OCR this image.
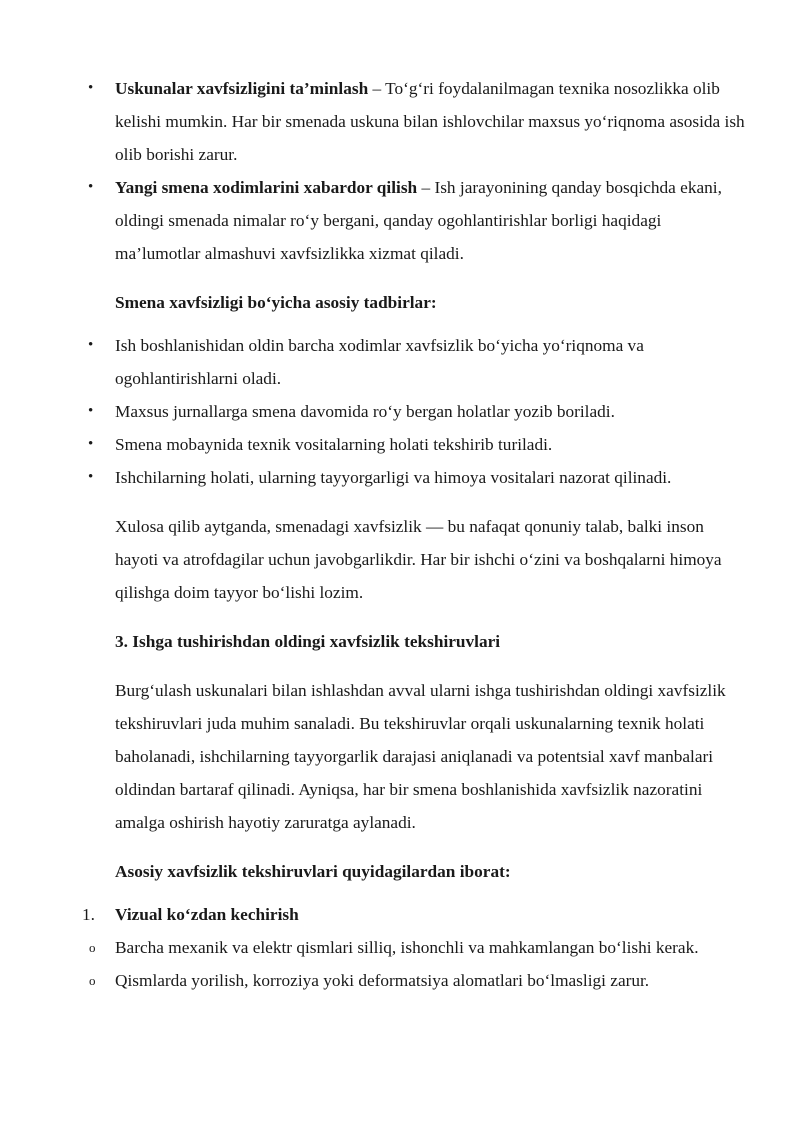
•	Uskunalar xavfsizligini ta’minlash – To‘g‘ri foydalanilmagan texnika nosozlikka olib kelishi mumkin. Har bir smenada uskuna bilan ishlovchilar maxsus yo‘riqnoma asosida ish olib borishi zarur.
•	Yangi smena xodimlarini xabardor qilish – Ish jarayonining qanday bosqichda ekani, oldingi smenada nimalar ro‘y bergani, qanday ogohlantirishlar borligi haqidagi ma’lumotlar almashuvi xavfsizlikka xizmat qiladi.
Smena xavfsizligi bo‘yicha asosiy tadbirlar:
•	Ish boshlanishidan oldin barcha xodimlar xavfsizlik bo‘yicha yo‘riqnoma va ogohlantirishlarni oladi.
•	Maxsus jurnallarga smena davomida ro‘y bergan holatlar yozib boriladi.
•	Smena mobaynida texnik vositalarning holati tekshirib turiladi.
•	Ishchilarning holati, ularning tayyorgarligi va himoya vositalari nazorat qilinadi.
Xulosa qilib aytganda, smenadagi xavfsizlik — bu nafaqat qonuniy talab, balki inson hayoti va atrofdagilar uchun javobgarlikdir. Har bir ishchi o‘zini va boshqalarni himoya qilishga doim tayyor bo‘lishi lozim.
3. Ishga tushirishdan oldingi xavfsizlik tekshiruvlari
Burg‘ulash uskunalari bilan ishlashdan avval ularni ishga tushirishdan oldingi xavfsizlik tekshiruvlari juda muhim sanaladi. Bu tekshiruvlar orqali uskunalarning texnik holati baholanadi, ishchilarning tayyorgarlik darajasi aniqlanadi va potentsial xavf manbalari oldindan bartaraf qilinadi. Ayniqsa, har bir smena boshlanishida xavfsizlik nazoratini amalga oshirish hayotiy zaruratga aylanadi.
Asosiy xavfsizlik tekshiruvlari quyidagilardan iborat:
1.	Vizual ko‘zdan kechirish
o	Barcha mexanik va elektr qismlari silliq, ishonchli va mahkamlangan bo‘lishi kerak.
o	Qismlarda yorilish, korroziya yoki deformatsiya alomatlari bo‘lmasligi zarur.
